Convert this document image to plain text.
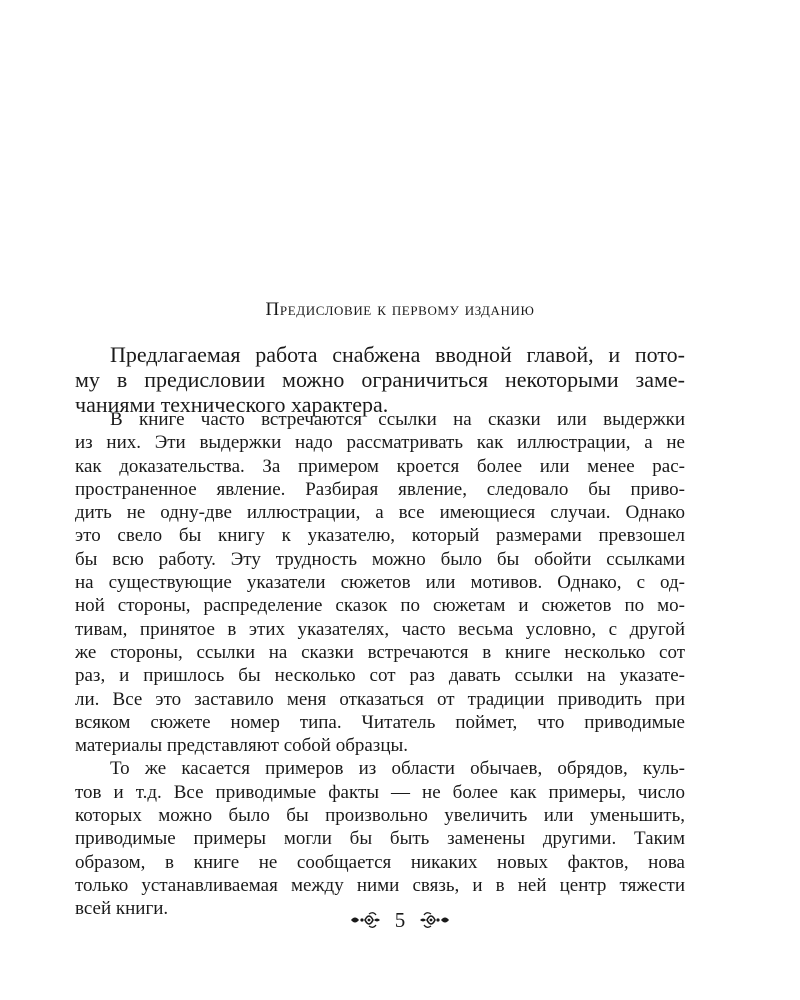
Предисловие к первому изданию
Предлагаемая работа снабжена вводной главой, и пото-
му в предисловии можно ограничиться некоторыми заме-
чаниями технического характера.
В книге часто встречаются ссылки на сказки или выдержки
из них. Эти выдержки надо рассматривать как иллюстрации, а не
как доказательства. За примером кроется более или менее рас-
пространенное явление. Разбирая явление, следовало бы приво-
дить не одну-две иллюстрации, а все имеющиеся случаи. Однако
это свело бы книгу к указателю, который размерами превзошел
бы всю работу. Эту трудность можно было бы обойти ссылками
на существующие указатели сюжетов или мотивов. Однако, с од-
ной стороны, распределение сказок по сюжетам и сюжетов по мо-
тивам, принятое в этих указателях, часто весьма условно, с другой
же стороны, ссылки на сказки встречаются в книге несколько сот
раз, и пришлось бы несколько сот раз давать ссылки на указате-
ли. Все это заставило меня отказаться от традиции приводить при
всяком сюжете номер типа. Читатель поймет, что приводимые
материалы представляют собой образцы.
То же касается примеров из области обычаев, обрядов, куль-
тов и т.д. Все приводимые факты — не более как примеры, число
которых можно было бы произвольно увеличить или уменьшить,
приводимые примеры могли бы быть заменены другими. Таким
образом, в книге не сообщается никаких новых фактов, нова
только устанавливаемая между ними связь, и в ней центр тяжести
всей книги.	5
